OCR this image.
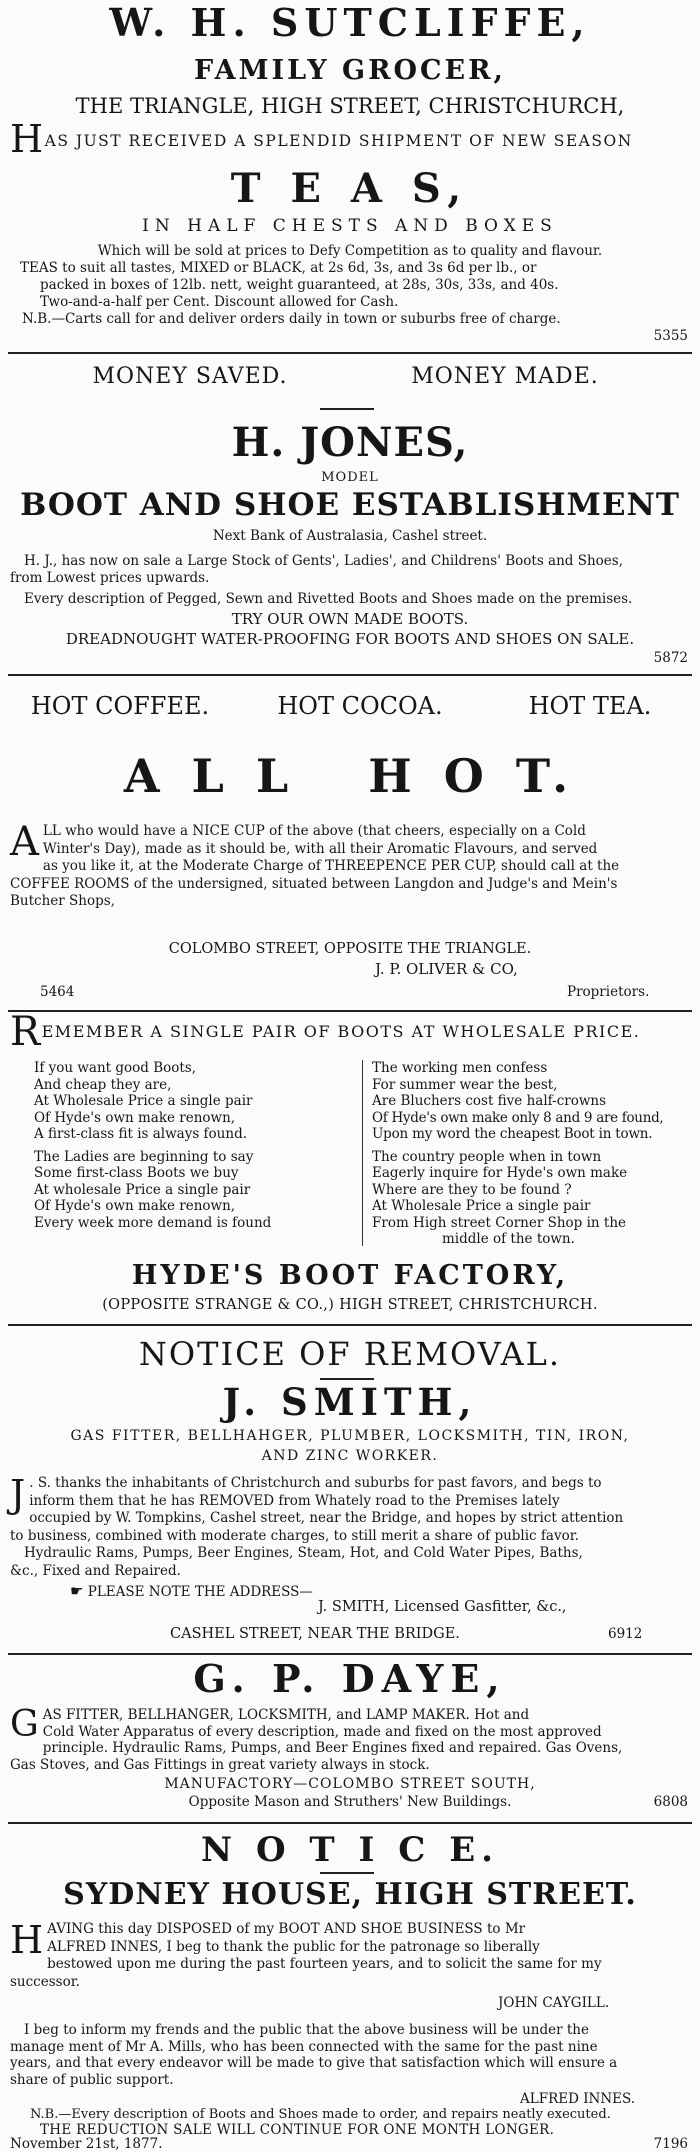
W. H. SUTCLIFFE,
FAMILY GROCER,
THE TRIANGLE, HIGH STREET, CHRISTCHURCH,
HAS JUST RECEIVED A SPLENDID SHIPMENT OF NEW SEASON
T E A S,
IN HALF CHESTS AND BOXES
Which will be sold at prices to Defy Competition as to quality and flavour.
TEAS to suit all tastes, MIXED or BLACK, at 2s 6d, 3s, and 3s 6d per lb., or
packed in boxes of 12lb. nett, weight guaranteed, at 28s, 30s, 33s, and 40s.
Two-and-a-half per Cent. Discount allowed for Cash.
N.B.—Carts call for and deliver orders daily in town or suburbs free of charge.
5355
MONEY SAVED.	MONEY MADE.
H. JONES,
MODEL
BOOT AND SHOE ESTABLISHMENT
Next Bank of Australasia, Cashel street.
H. J., has now on sale a Large Stock of Gents', Ladies', and Childrens' Boots and Shoes,
from Lowest prices upwards.
Every description of Pegged, Sewn and Rivetted Boots and Shoes made on the premises.
TRY OUR OWN MADE BOOTS.
DREADNOUGHT WATER-PROOFING FOR BOOTS AND SHOES ON SALE.
5872
HOT COFFEE.	HOT COCOA.	HOT TEA.
A L L   H O T.
A LL who would have a NICE CUP of the above (that cheers, especially on a Cold
Winter's Day), made as it should be, with all their Aromatic Flavours, and served
as you like it, at the Moderate Charge of THREEPENCE PER CUP, should call at the
COFFEE ROOMS of the undersigned, situated between Langdon and Judge's and Mein's
Butcher Shops,
COLOMBO STREET, OPPOSITE THE TRIANGLE.
J. P. OLIVER & CO,
5464	Proprietors.
REMEMBER A SINGLE PAIR OF BOOTS AT WHOLESALE PRICE.
If you want good Boots,
And cheap they are,
At Wholesale Price a single pair
Of Hyde's own make renown,
A first-class fit is always found.
The Ladies are beginning to say
Some first-class Boots we buy
At wholesale Price a single pair
Of Hyde's own make renown,
Every week more demand is found
The working men confess
For summer wear the best,
Are Bluchers cost five half-crowns
Of Hyde's own make only 8 and 9 are found,
Upon my word the cheapest Boot in town.
The country people when in town
Eagerly inquire for Hyde's own make
Where are they to be found ?
At Wholesale Price a single pair
From High street Corner Shop in the
middle of the town.
HYDE'S BOOT FACTORY,
(OPPOSITE STRANGE & CO.,) HIGH STREET, CHRISTCHURCH.
NOTICE OF REMOVAL.
J. SMITH,
GAS FITTER, BELLHAHGER, PLUMBER, LOCKSMITH, TIN, IRON,
AND ZINC WORKER.
J . S. thanks the inhabitants of Christchurch and suburbs for past favors, and begs to
inform them that he has REMOVED from Whately road to the Premises lately
occupied by W. Tompkins, Cashel street, near the Bridge, and hopes by strict attention
to business, combined with moderate charges, to still merit a share of public favor.
Hydraulic Rams, Pumps, Beer Engines, Steam, Hot, and Cold Water Pipes, Baths,
&c., Fixed and Repaired.
☛ PLEASE NOTE THE ADDRESS—
J. SMITH, Licensed Gasfitter, &c.,
CASHEL STREET, NEAR THE BRIDGE.	6912
G. P. DAYE,
G AS FITTER, BELLHANGER, LOCKSMITH, and LAMP MAKER. Hot and
Cold Water Apparatus of every description, made and fixed on the most approved
principle. Hydraulic Rams, Pumps, and Beer Engines fixed and repaired. Gas Ovens,
Gas Stoves, and Gas Fittings in great variety always in stock.
MANUFACTORY—COLOMBO STREET SOUTH,
Opposite Mason and Struthers' New Buildings.	6808
N O T I C E.
SYDNEY HOUSE, HIGH STREET.
H AVING this day DISPOSED of my BOOT AND SHOE BUSINESS to Mr
ALFRED INNES, I beg to thank the public for the patronage so liberally
bestowed upon me during the past fourteen years, and to solicit the same for my
successor.
JOHN CAYGILL.
I beg to inform my frends and the public that the above business will be under the
manage ment of Mr A. Mills, who has been connected with the same for the past nine
years, and that every endeavor will be made to give that satisfaction which will ensure a
share of public support.
ALFRED INNES.
N.B.—Every description of Boots and Shoes made to order, and repairs neatly executed.
THE REDUCTION SALE WILL CONTINUE FOR ONE MONTH LONGER.
November 21st, 1877.	7196
